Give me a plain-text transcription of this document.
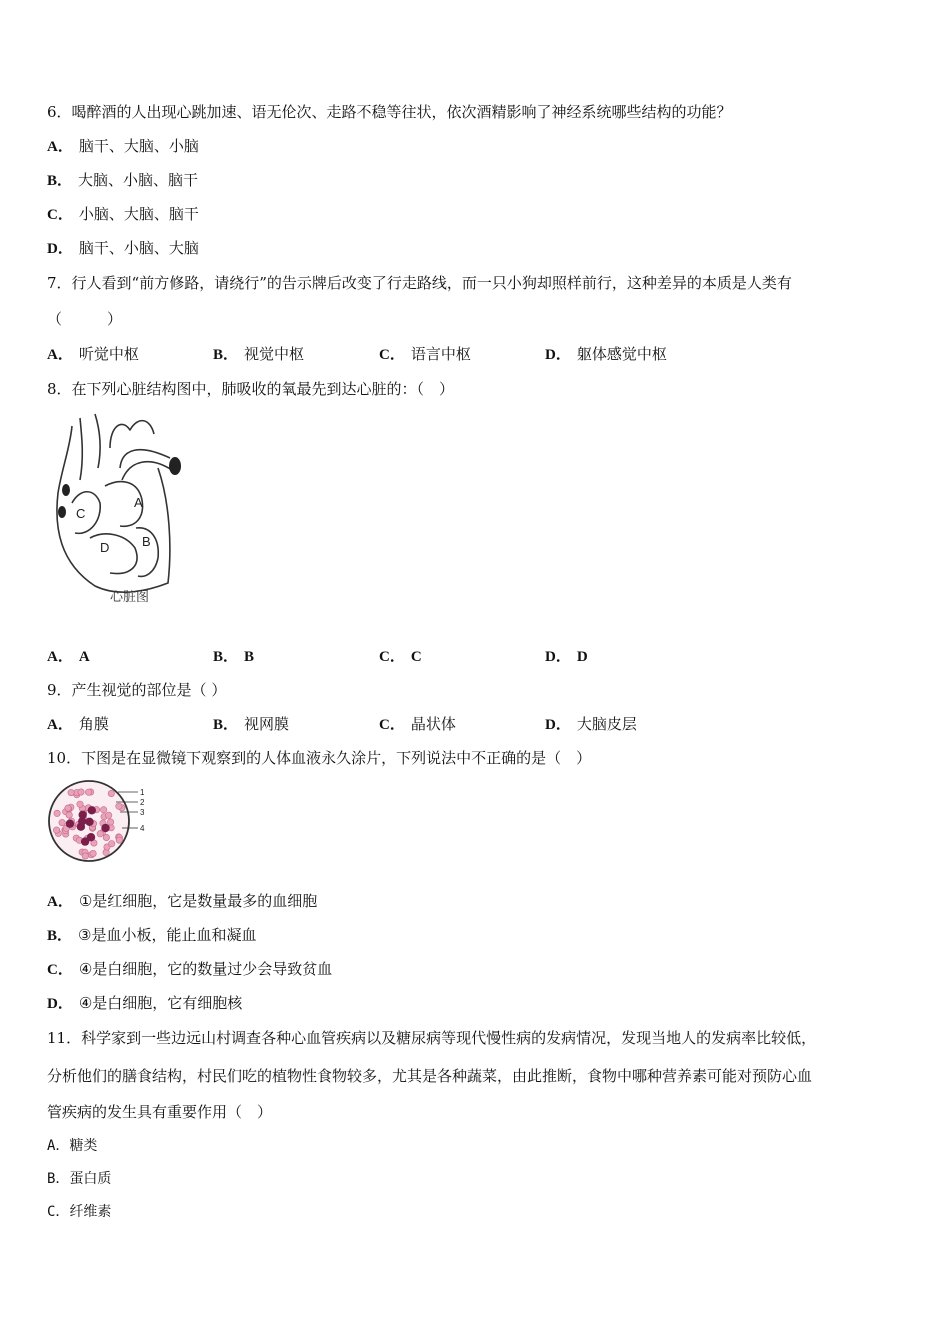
6．喝醉酒的人出现心跳加速、语无伦次、走路不稳等往状，依次酒精影响了神经系统哪些结构的功能？
A． 脑干、大脑、小脑
B． 大脑、小脑、脑干
C． 小脑、大脑、脑干
D． 脑干、小脑、大脑
7．行人看到“前方修路，请绕行”的告示牌后改变了行走路线，而一只小狗却照样前行，这种差异的本质是人类有
（　　　）
A． 听觉中枢	B． 视觉中枢	C． 语言中枢	D． 躯体感觉中枢
8．在下列心脏结构图中，肺吸收的氧最先到达心脏的：（　）
A
B
C
D
心脏图
A． A	B． B	C． C	D． D
9．产生视觉的部位是（ ）
A． 角膜	B． 视网膜	C． 晶状体	D． 大脑皮层
10．下图是在显微镜下观察到的人体血液永久涂片，下列说法中不正确的是（　）
1
2
3
4
A． ①是红细胞，它是数量最多的血细胞
B． ③是血小板，能止血和凝血
C． ④是白细胞，它的数量过少会导致贫血
D． ④是白细胞，它有细胞核
11．科学家到一些边远山村调查各种心血管疾病以及糖尿病等现代慢性病的发病情况，发现当地人的发病率比较低，
分析他们的膳食结构，村民们吃的植物性食物较多，尤其是各种蔬菜，由此推断，食物中哪种营养素可能对预防心血
管疾病的发生具有重要作用（　）
A．糖类
B．蛋白质
C．纤维素
